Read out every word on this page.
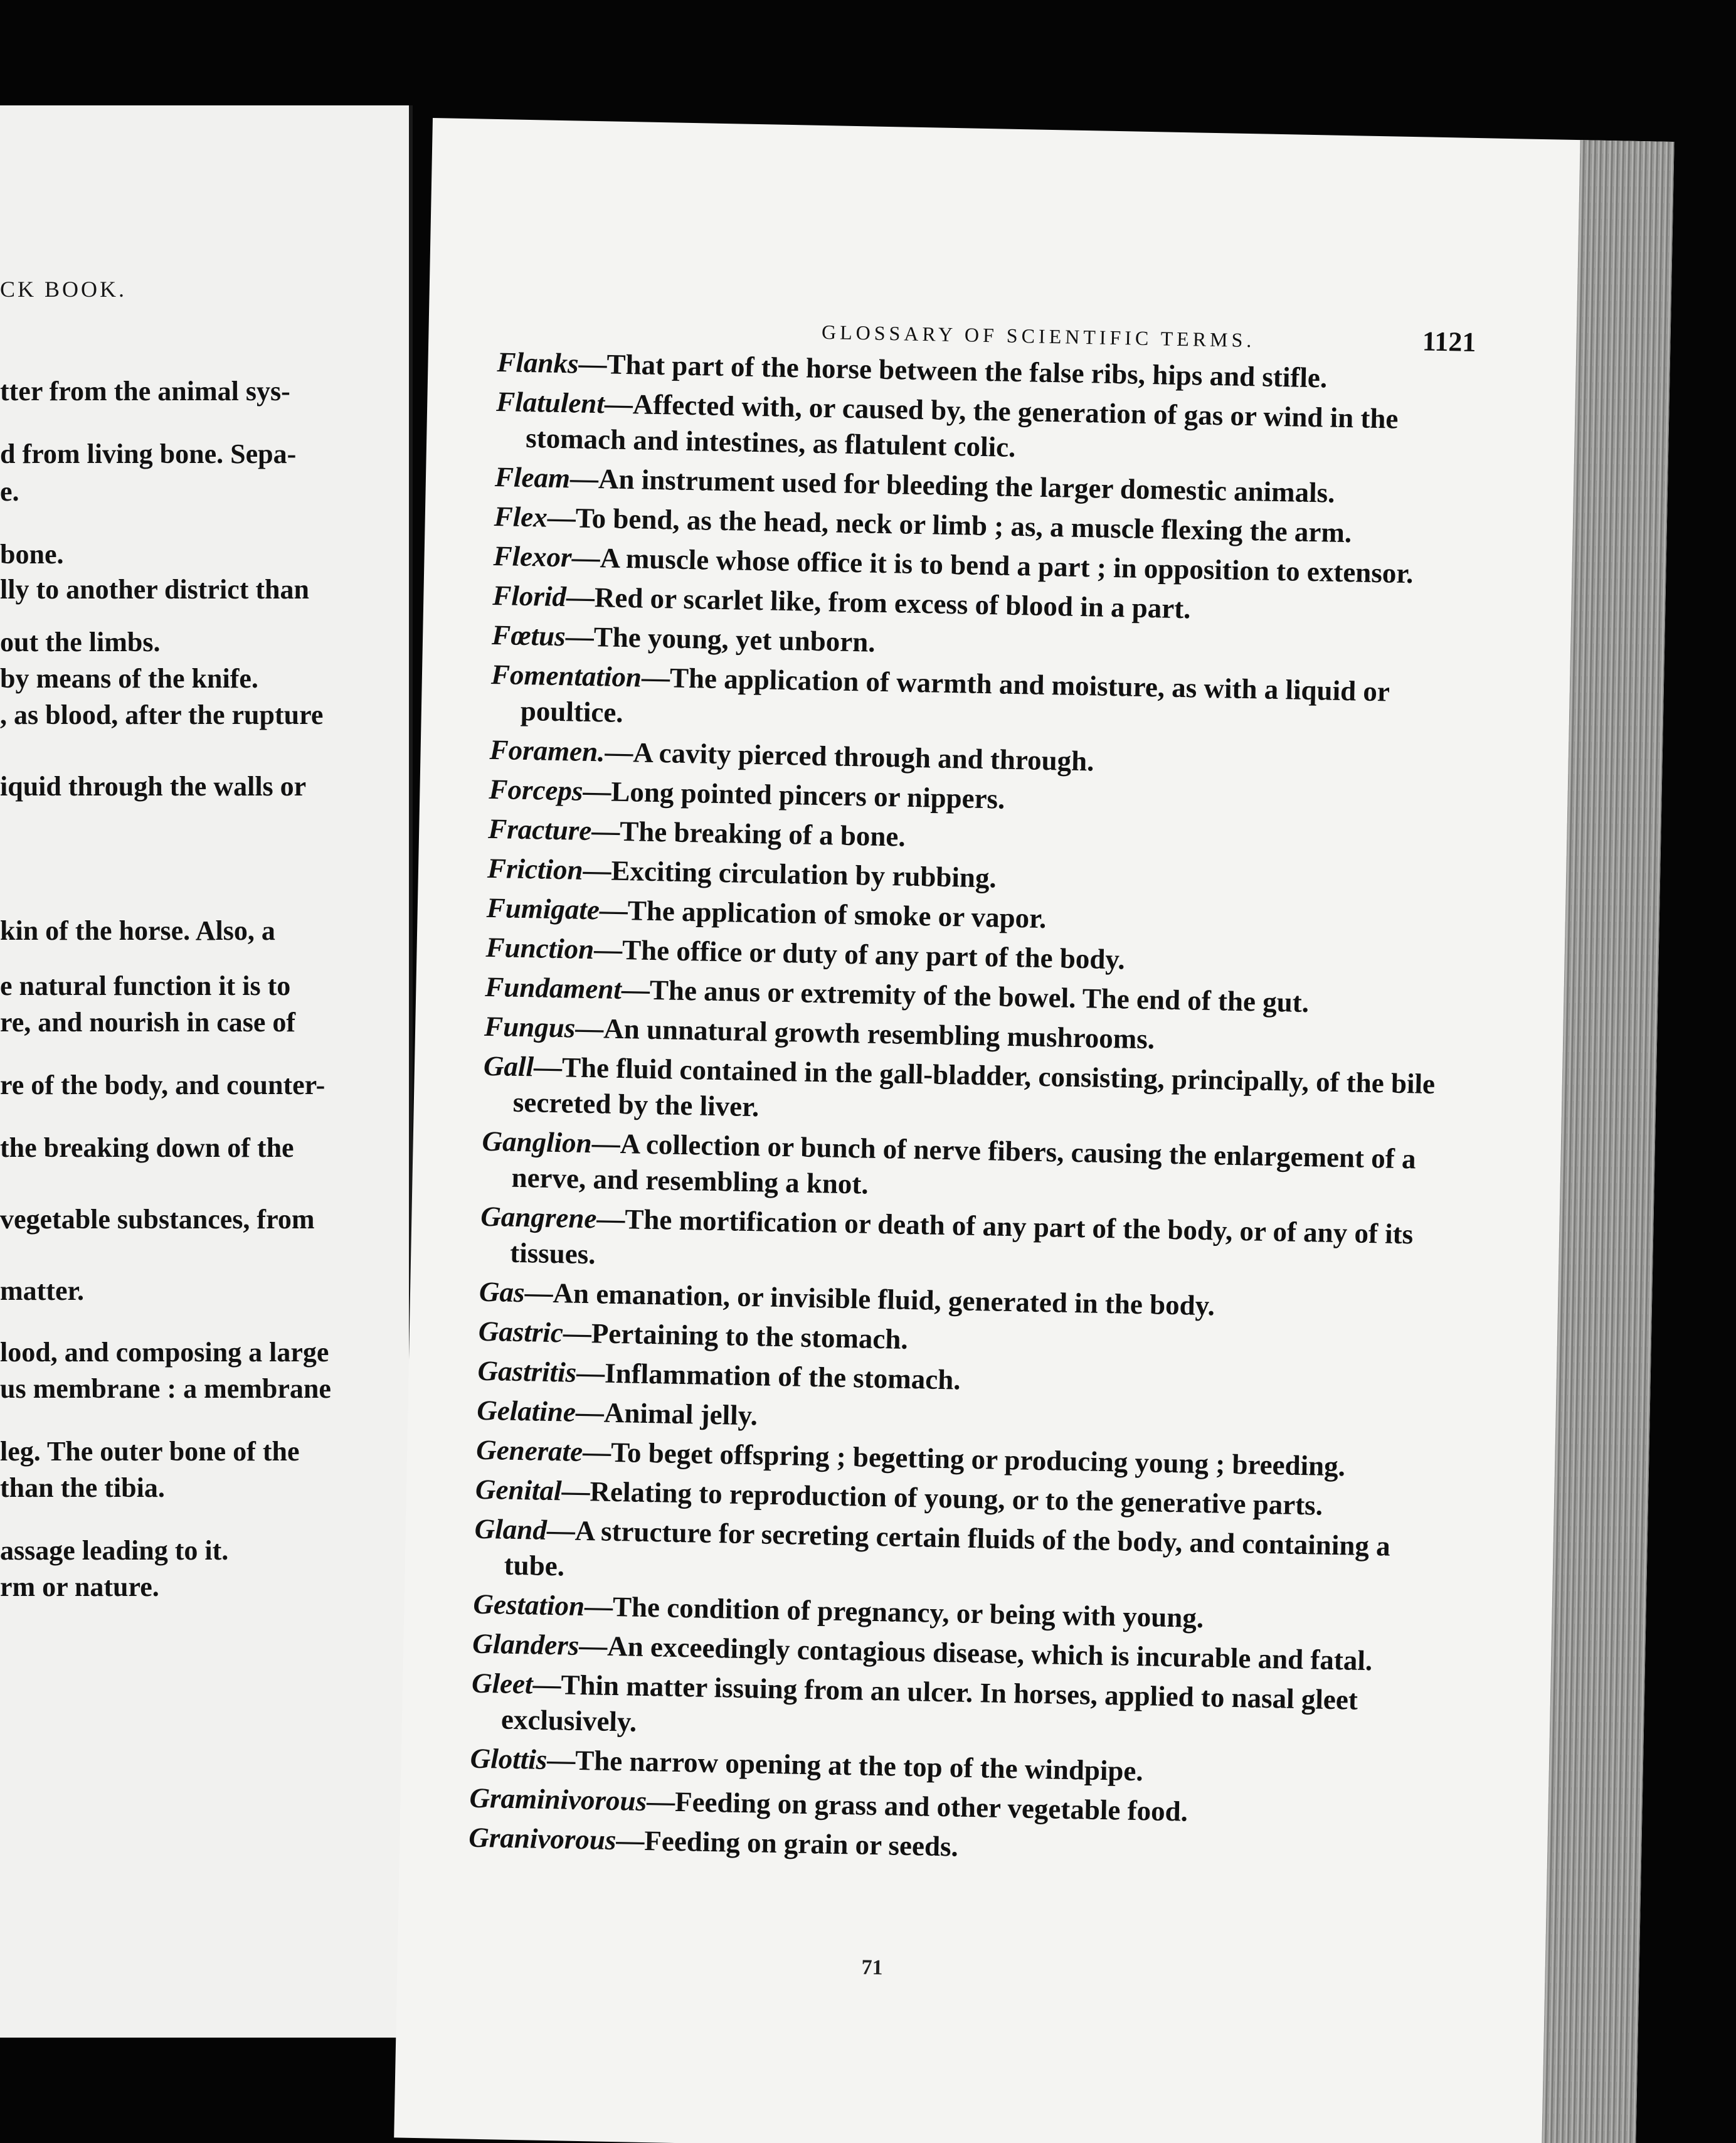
CK BOOK.
tter from the animal sys-
d from living bone. Sepa-
e.
bone.
lly to another district than
out the limbs.
by means of the knife.
, as blood, after the rupture
iquid through the walls or
kin of the horse. Also, a
e natural function it is to
re, and nourish in case of
re of the body, and counter-
the breaking down of the
vegetable substances, from
matter.
lood, and composing a large
us membrane : a membrane
leg. The outer bone of the
than the tibia.
assage leading to it.
rm or nature.
GLOSSARY OF SCIENTIFIC TERMS.	1121
Flanks—That part of the horse between the false ribs, hips and stifle.
Flatulent—Affected with, or caused by, the generation of gas or wind in the stomach and intestines, as flatulent colic.
Fleam—An instrument used for bleeding the larger domestic animals.
Flex—To bend, as the head, neck or limb ; as, a muscle flexing the arm.
Flexor—A muscle whose office it is to bend a part ; in opposition to extensor.
Florid—Red or scarlet like, from excess of blood in a part.
Fœtus—The young, yet unborn.
Fomentation—The application of warmth and moisture, as with a liquid or poultice.
Foramen.—A cavity pierced through and through.
Forceps—Long pointed pincers or nippers.
Fracture—The breaking of a bone.
Friction—Exciting circulation by rubbing.
Fumigate—The application of smoke or vapor.
Function—The office or duty of any part of the body.
Fundament—The anus or extremity of the bowel. The end of the gut.
Fungus—An unnatural growth resembling mushrooms.
Gall—The fluid contained in the gall-bladder, consisting, principally, of the bile secreted by the liver.
Ganglion—A collection or bunch of nerve fibers, causing the enlargement of a nerve, and resembling a knot.
Gangrene—The mortification or death of any part of the body, or of any of its tissues.
Gas—An emanation, or invisible fluid, generated in the body.
Gastric—Pertaining to the stomach.
Gastritis—Inflammation of the stomach.
Gelatine—Animal jelly.
Generate—To beget offspring ; begetting or producing young ; breeding.
Genital—Relating to reproduction of young, or to the generative parts.
Gland—A structure for secreting certain fluids of the body, and containing a tube.
Gestation—The condition of pregnancy, or being with young.
Glanders—An exceedingly contagious disease, which is incurable and fatal.
Gleet—Thin matter issuing from an ulcer. In horses, applied to nasal gleet exclusively.
Glottis—The narrow opening at the top of the windpipe.
Graminivorous—Feeding on grass and other vegetable food.
Granivorous—Feeding on grain or seeds.
71
